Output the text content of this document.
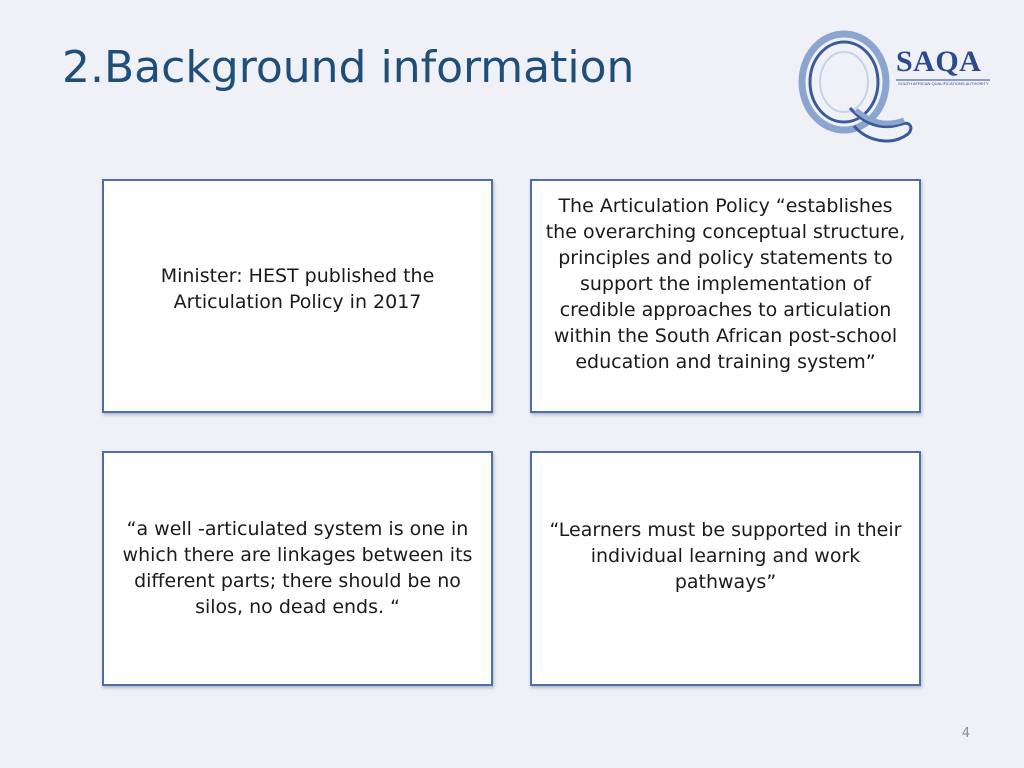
2.Background information	SAQA
SOUTH AFRICAN QUALIFICATIONS AUTHORITY

Minister: HEST published the Articulation Policy in 2017

The Articulation Policy “establishes the overarching conceptual structure, principles and policy statements to support the implementation of credible approaches to articulation within the South African post-school education and training system”

“a well -articulated system is one in which there are linkages between its different parts; there should be no silos, no dead ends. “

“Learners must be supported in their individual learning and work pathways”

4
